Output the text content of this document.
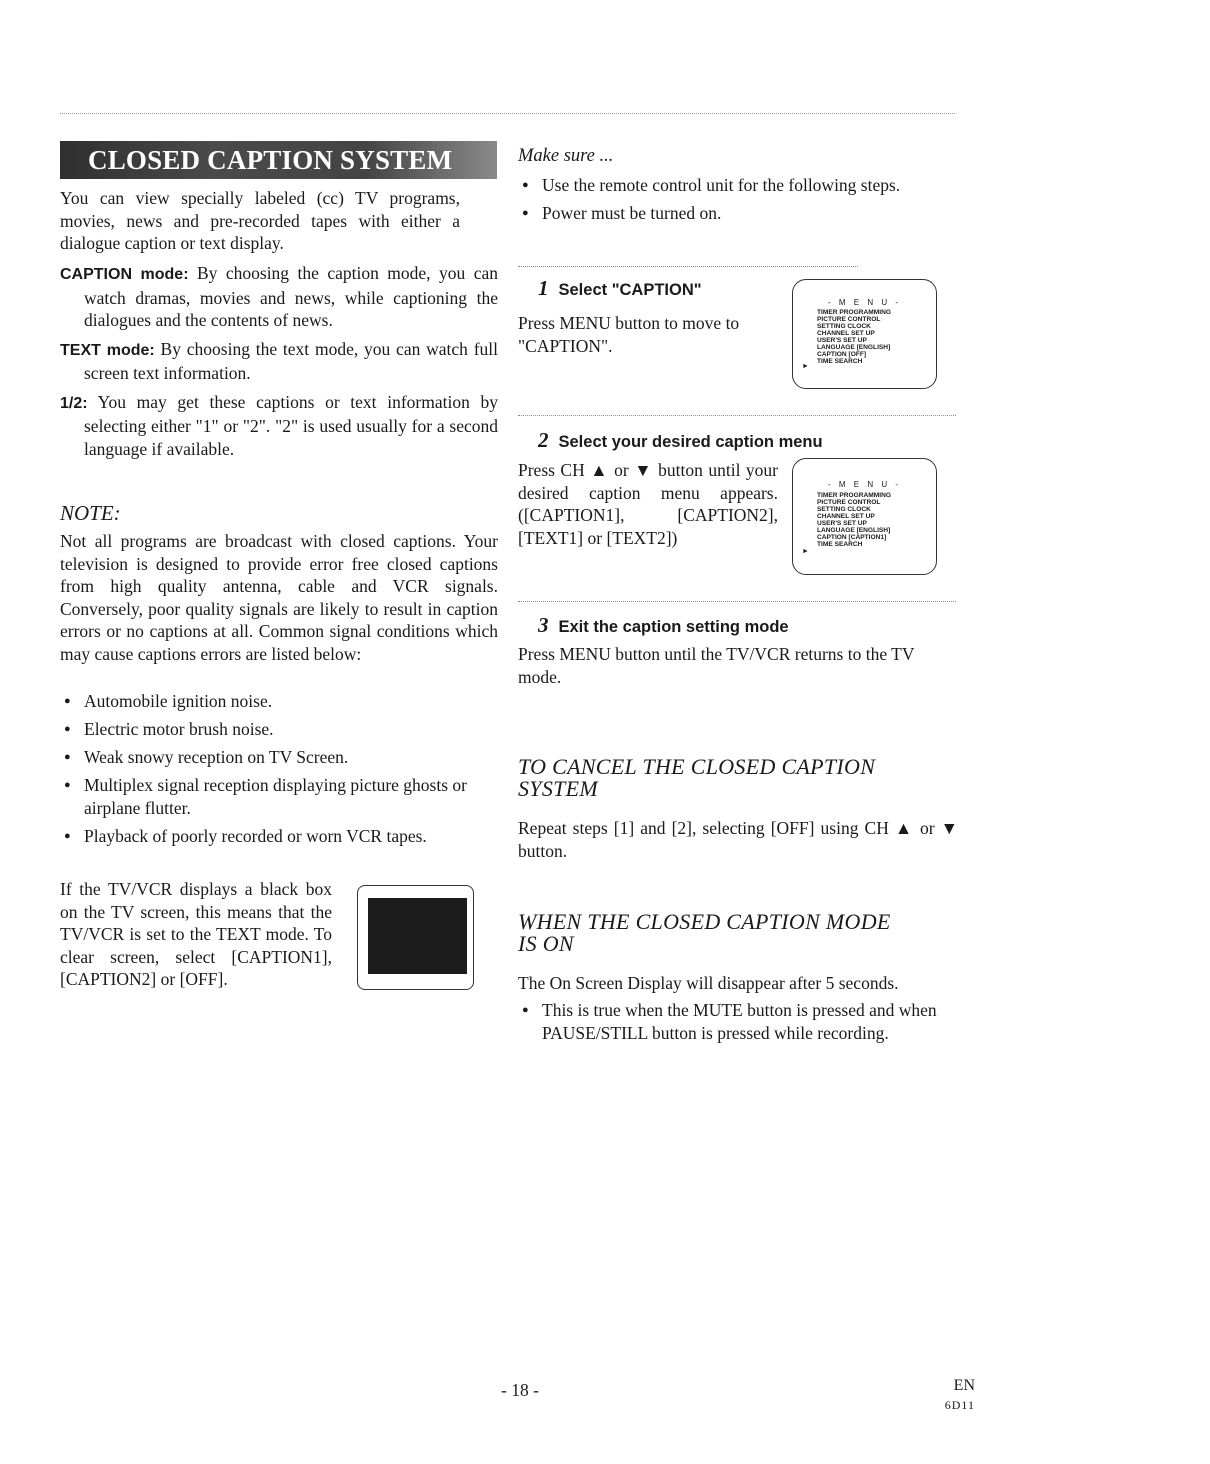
CLOSED CAPTION SYSTEM

You can view specially labeled (cc) TV programs, movies, news and pre-recorded tapes with either a dialogue caption or text display.

CAPTION mode: By choosing the caption mode, you can watch dramas, movies and news, while captioning the dialogues and the contents of news.

TEXT mode: By choosing the text mode, you can watch full screen text information.

1/2: You may get these captions or text information by selecting either "1" or "2". "2" is used usually for a second language if available.

NOTE:

Not all programs are broadcast with closed captions. Your television is designed to provide error free closed captions from high quality antenna, cable and VCR signals. Conversely, poor quality signals are likely to result in caption errors or no captions at all. Common signal conditions which may cause captions errors are listed below:

● Automobile ignition noise.
● Electric motor brush noise.
● Weak snowy reception on TV Screen.
● Multiplex signal reception displaying picture ghosts or airplane flutter.
● Playback of poorly recorded or worn VCR tapes.

If the TV/VCR displays a black box on the TV screen, this means that the TV/VCR is set to the TEXT mode. To clear screen, select [CAPTION1], [CAPTION2] or [OFF].

Make sure ...
● Use the remote control unit for the following steps.
● Power must be turned on.
1 Select "CAPTION"

Press MENU button to move to "CAPTION".

- M E N U -
TIMER PROGRAMMING
PICTURE CONTROL
SETTING CLOCK
CHANNEL SET UP
USER'S SET UP
LANGUAGE [ENGLISH]
CAPTION [OFF]
TIME SEARCH
►
2 Select your desired caption menu

Press CH ▲ or ▼ button until your desired caption menu appears. ([CAPTION1], [CAPTION2], [TEXT1] or [TEXT2])

- M E N U -
TIMER PROGRAMMING
PICTURE CONTROL
SETTING CLOCK
CHANNEL SET UP
USER'S SET UP
LANGUAGE [ENGLISH]
CAPTION [CAPTION1]
TIME SEARCH
►
3 Exit the caption setting mode

Press MENU button until the TV/VCR returns to the TV mode.

TO CANCEL THE CLOSED CAPTION
SYSTEM

Repeat steps [1] and [2], selecting [OFF] using CH ▲ or ▼ button.

WHEN THE CLOSED CAPTION MODE
IS ON

The On Screen Display will disappear after 5 seconds.

● This is true when the MUTE button is pressed and when PAUSE/STILL button is pressed while recording.
- 18 -	EN
6D11
